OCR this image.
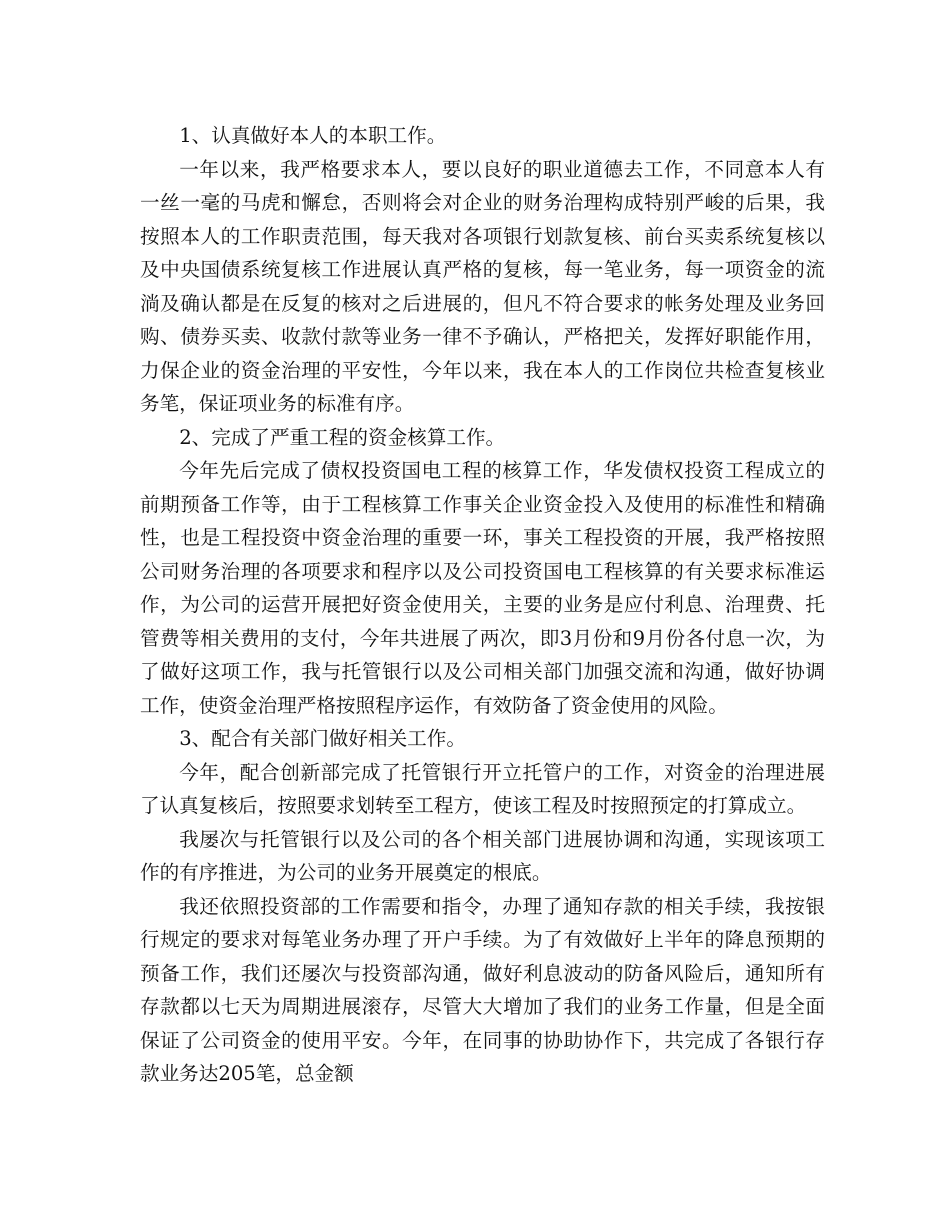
1、认真做好本人的本职工作。

一年以来，我严格要求本人，要以良好的职业道德去工作，不同意本人有一丝一毫的马虎和懈怠，否则将会对企业的财务治理构成特别严峻的后果，我按照本人的工作职责范围，每天我对各项银行划款复核、前台买卖系统复核以及中央国债系统复核工作进展认真严格的复核，每一笔业务，每一项资金的流淌及确认都是在反复的核对之后进展的，但凡不符合要求的帐务处理及业务回购、债券买卖、收款付款等业务一律不予确认，严格把关，发挥好职能作用，力保企业的资金治理的平安性，今年以来，我在本人的工作岗位共检查复核业务笔，保证项业务的标准有序。

2、完成了严重工程的资金核算工作。

今年先后完成了债权投资国电工程的核算工作，华发债权投资工程成立的前期预备工作等，由于工程核算工作事关企业资金投入及使用的标准性和精确性，也是工程投资中资金治理的重要一环，事关工程投资的开展，我严格按照公司财务治理的各项要求和程序以及公司投资国电工程核算的有关要求标准运作，为公司的运营开展把好资金使用关，主要的业务是应付利息、治理费、托管费等相关费用的支付，今年共进展了两次，即3月份和9月份各付息一次，为了做好这项工作，我与托管银行以及公司相关部门加强交流和沟通，做好协调工作，使资金治理严格按照程序运作，有效防备了资金使用的风险。

3、配合有关部门做好相关工作。

今年，配合创新部完成了托管银行开立托管户的工作，对资金的治理进展了认真复核后，按照要求划转至工程方，使该工程及时按照预定的打算成立。

我屡次与托管银行以及公司的各个相关部门进展协调和沟通，实现该项工作的有序推进，为公司的业务开展奠定的根底。

我还依照投资部的工作需要和指令，办理了通知存款的相关手续，我按银行规定的要求对每笔业务办理了开户手续。为了有效做好上半年的降息预期的预备工作，我们还屡次与投资部沟通，做好利息波动的防备风险后，通知所有存款都以七天为周期进展滚存，尽管大大增加了我们的业务工作量，但是全面保证了公司资金的使用平安。今年，在同事的协助协作下，共完成了各银行存款业务达205笔，总金额
